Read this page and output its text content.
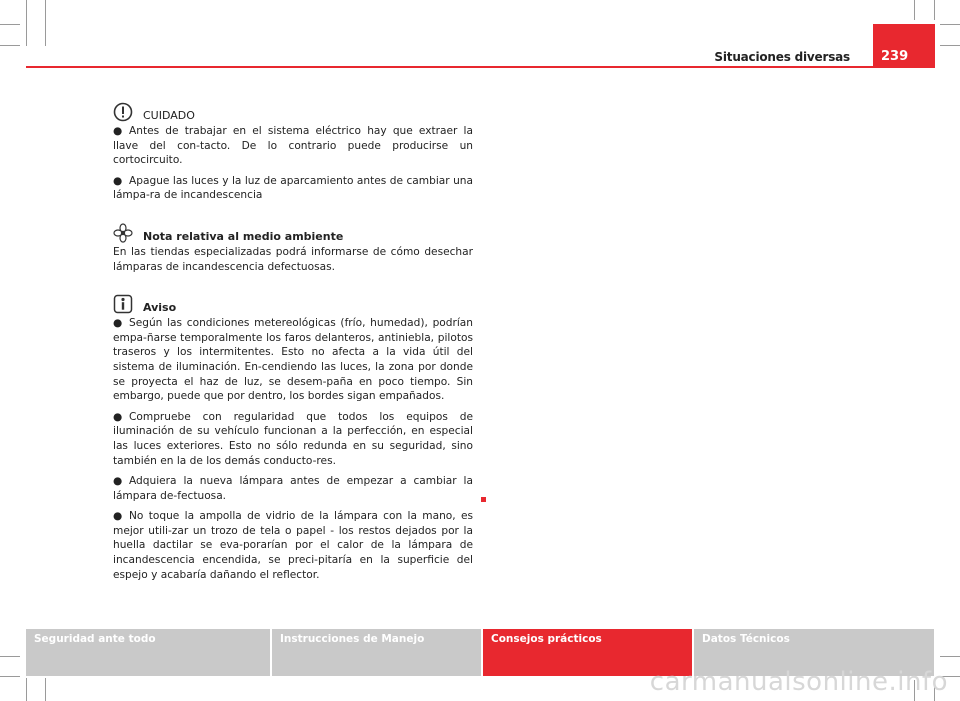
Situaciones diversas 239
CUIDADO

● Antes de trabajar en el sistema eléctrico hay que extraer la llave del con-tacto. De lo contrario puede producirse un cortocircuito.

● Apague las luces y la luz de aparcamiento antes de cambiar una lámpa-ra de incandescencia

Nota relativa al medio ambiente

En las tiendas especializadas podrá informarse de cómo desechar lámparas de incandescencia defectuosas.

Aviso

● Según las condiciones metereológicas (frío, humedad), podrían empa-ñarse temporalmente los faros delanteros, antiniebla, pilotos traseros y los intermitentes. Esto no afecta a la vida útil del sistema de iluminación. En-cendiendo las luces, la zona por donde se proyecta el haz de luz, se desem-paña en poco tiempo. Sin embargo, puede que por dentro, los bordes sigan empañados.

● Compruebe con regularidad que todos los equipos de iluminación de su vehículo funcionan a la perfección, en especial las luces exteriores. Esto no sólo redunda en su seguridad, sino también en la de los demás conducto-res.

● Adquiera la nueva lámpara antes de empezar a cambiar la lámpara de-fectuosa.

● No toque la ampolla de vidrio de la lámpara con la mano, es mejor utili-zar un trozo de tela o papel - los restos dejados por la huella dactilar se eva-porarían por el calor de la lámpara de incandescencia encendida, se preci-pitaría en la superficie del espejo y acabaría dañando el reflector.

Seguridad ante todo	Instrucciones de Manejo	Consejos prácticos	Datos Técnicos
carmanualsonline.info
